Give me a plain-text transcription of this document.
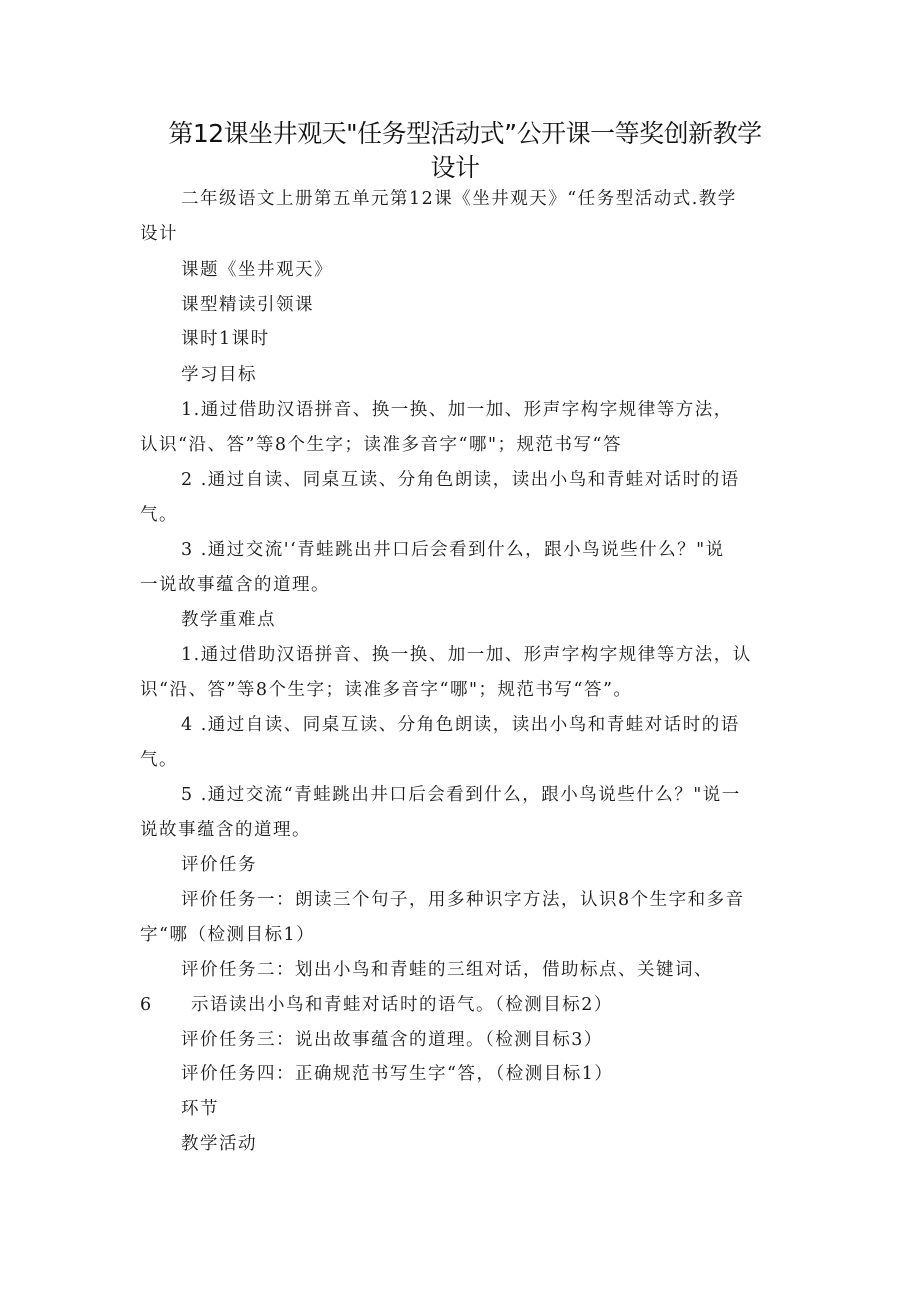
第12课坐井观天"任务型活动式”公开课一等奖创新教学
设计
二年级语文上册第五单元第12课《坐井观天》“任务型活动式.教学
设计
课题《坐井观天》
课型精读引领课
课时1课时
学习目标
1.通过借助汉语拼音、换一换、加一加、形声字构字规律等方法，
认识“沿、答”等8个生字；读准多音字“哪"；规范书写“答
2 .通过自读、同桌互读、分角色朗读，读出小鸟和青蛙对话时的语
气。
3 .通过交流'‘青蛙跳出井口后会看到什么，跟小鸟说些什么？"说
一说故事蕴含的道理。
教学重难点
1.通过借助汉语拼音、换一换、加一加、形声字构字规律等方法，认
识“沿、答”等8个生字；读准多音字“哪"；规范书写“答”。
4 .通过自读、同桌互读、分角色朗读，读出小鸟和青蛙对话时的语
气。
5 .通过交流“青蛙跳出井口后会看到什么，跟小鸟说些什么？"说一
说故事蕴含的道理。
评价任务
评价任务一：朗读三个句子，用多种识字方法，认识8个生字和多音
字“哪（检测目标1）
评价任务二：划出小鸟和青蛙的三组对话，借助标点、关键词、
6 示语读出小鸟和青蛙对话时的语气。（检测目标2）
评价任务三：说出故事蕴含的道理。（检测目标3）
评价任务四：正确规范书写生字“答，（检测目标1）
环节
教学活动
